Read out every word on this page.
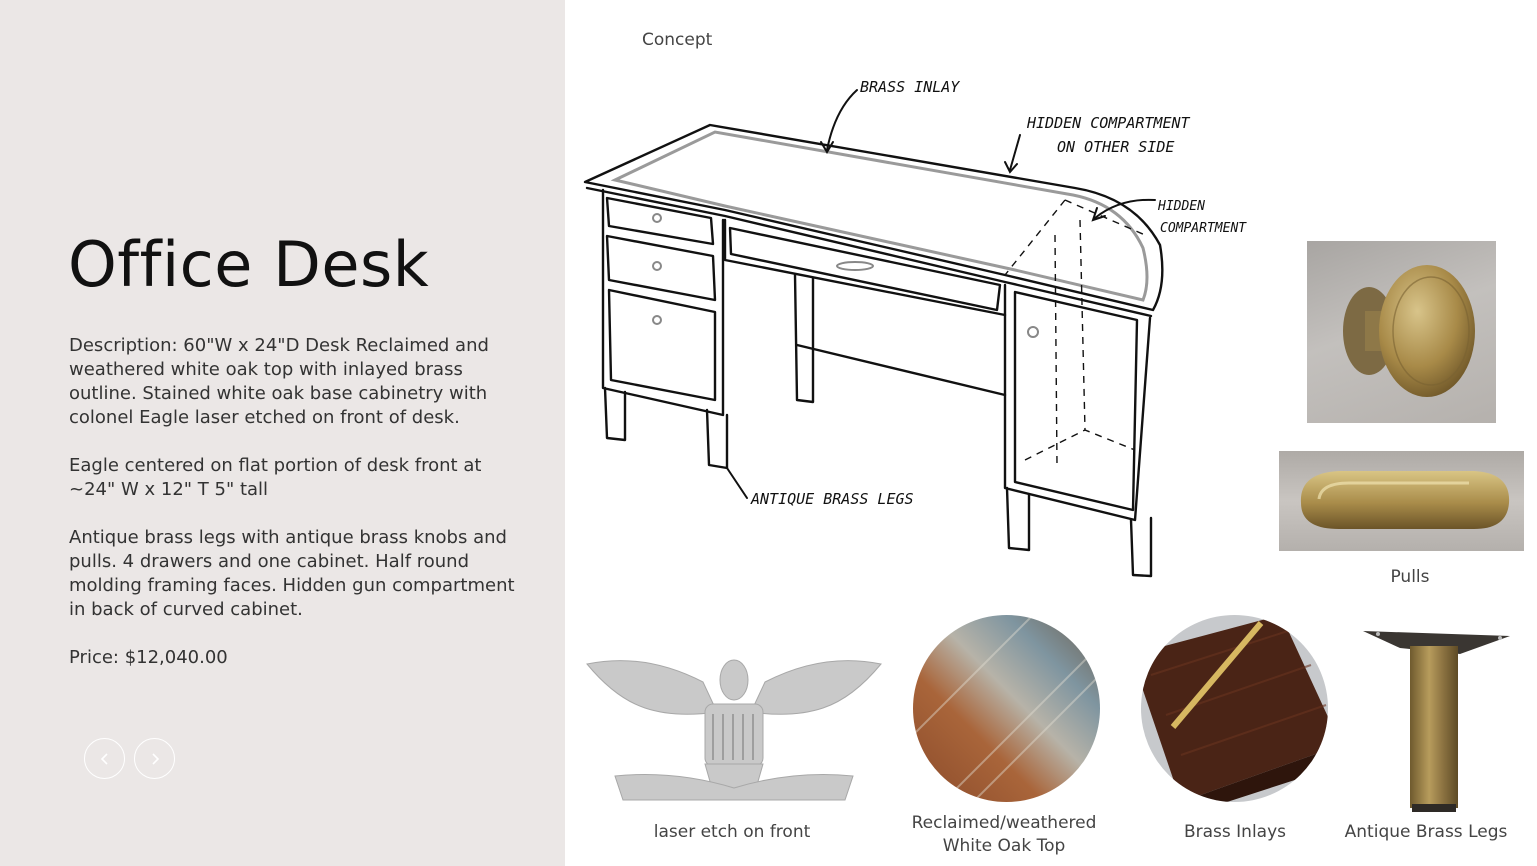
Office Desk

Description: 60"W x 24"D Desk Reclaimed and weathered white oak top with inlayed brass outline. Stained white oak base cabinetry with colonel Eagle laser etched on front of desk.

Eagle centered on flat portion of desk front at ~24" W x 12" T 5" tall

Antique brass legs with antique brass knobs and pulls. 4 drawers and one cabinet. Half round molding framing faces. Hidden gun compartment in back of curved cabinet.

Price: $12,040.00

Concept
BRASS INLAY
HIDDEN COMPARTMENT
ON OTHER SIDE
HIDDEN
COMPARTMENT
ANTIQUE BRASS LEGS
Pulls
laser etch on front	Reclaimed/weathered
White Oak Top
Brass Inlays	Antique Brass Legs
